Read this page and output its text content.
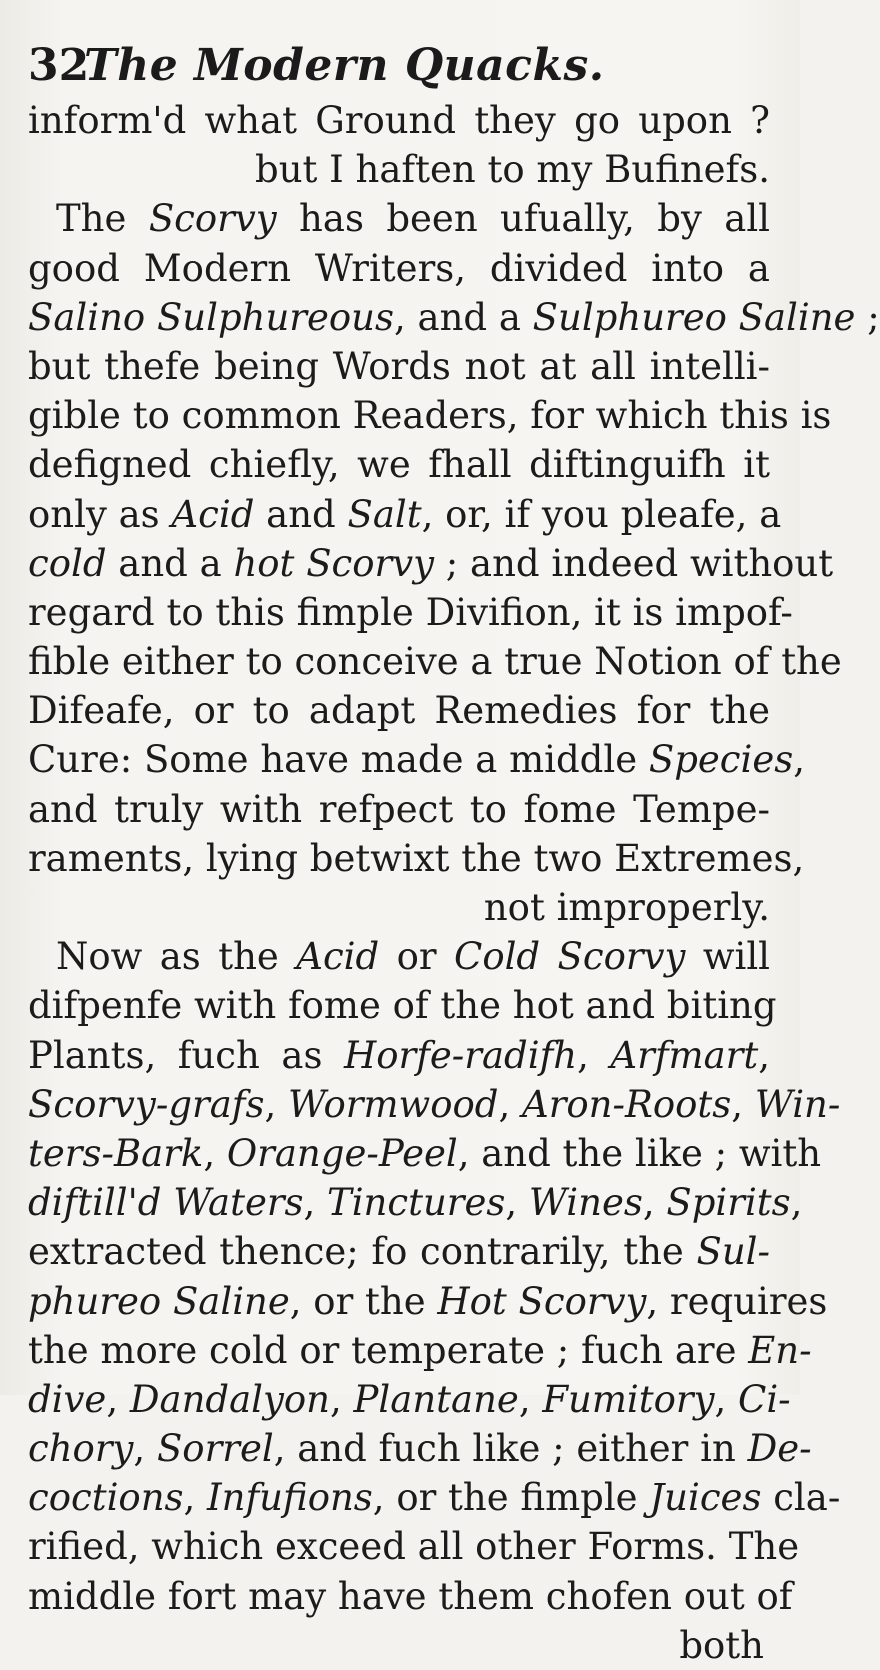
32
The Modern Quacks.
inform'd what Ground they go upon ?
but I haften to my Bufinefs.
The Scorvy has been ufually, by all
good Modern Writers, divided into a
Salino Sulphureous, and a Sulphureo Saline ;
but thefe being Words not at all intelli-
gible to common Readers, for which this is
defigned chiefly, we fhall diftinguifh it
only as Acid and Salt, or, if you pleafe, a
cold and a hot Scorvy ; and indeed without
regard to this fimple Divifion, it is impof-
fible either to conceive a true Notion of the
Difeafe, or to adapt Remedies for the
Cure: Some have made a middle Species,
and truly with refpect to fome Tempe-
raments, lying betwixt the two Extremes,
not improperly.
Now as the Acid or Cold Scorvy will
difpenfe with fome of the hot and biting
Plants, fuch as Horfe-radifh, Arfmart,
Scorvy-grafs, Wormwood, Aron-Roots, Win-
ters-Bark, Orange-Peel, and the like ; with
diftill'd Waters, Tinctures, Wines, Spirits,
extracted thence; fo contrarily, the Sul-
phureo Saline, or the Hot Scorvy, requires
the more cold or temperate ; fuch are En-
dive, Dandalyon, Plantane, Fumitory, Ci-
chory, Sorrel, and fuch like ; either in De-
coctions, Infufions, or the fimple Juices cla-
rified, which exceed all other Forms. The
middle fort may have them chofen out of
both
